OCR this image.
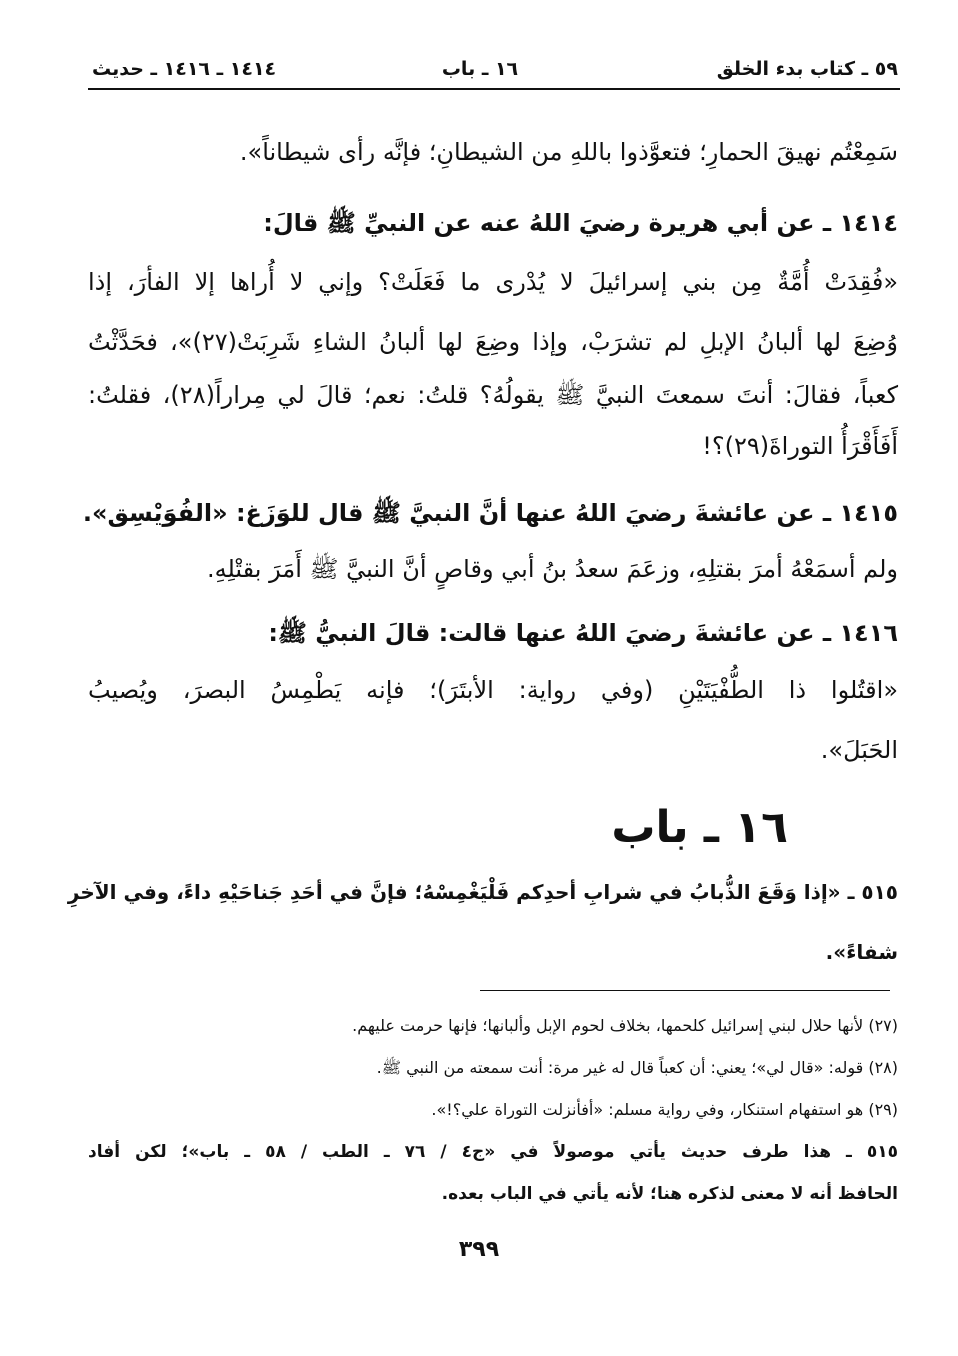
٥٩ ـ كتاب بدء الخلق
١٦ ـ باب
١٤١٤ ـ ١٤١٦ ـ حديث
سَمِعْتُم نهيقَ الحمارِ؛ فتعوَّذوا باللهِ من الشيطانِ؛ فإنَّه رأى شيطاناً».
١٤١٤ ـ عن أبي هريرة رضيَ اللهُ عنه عن النبيِّ ﷺ قالَ:
«فُقِدَتْ أُمَّةٌ مِن بني إسرائيلَ لا يُدْرى ما فَعَلَتْ؟ وإني لا أُراها إلا الفأرَ، إذا
وُضِعَ لها ألبانُ الإبلِ لم تشرَبْ، وإذا وضِعَ لها ألبانُ الشاءِ شَرِبَتْ(٢٧)»، فحَدَّثْتُ
كعباً، فقالَ: أنتَ سمعتَ النبيَّ ﷺ يقولُهُ؟ قلتُ: نعم؛ قالَ لي مِراراً(٢٨)، فقلتُ:
أَفَأَقْرَأُ التوراةَ(٢٩)؟!
١٤١٥ ـ عن عائشةَ رضيَ اللهُ عنها أنَّ النبيَّ ﷺ قال للوَزَغ: «الفُوَيْسِق».
ولم أسمَعْهُ أمرَ بقتلِهِ، وزعَمَ سعدُ بنُ أبي وقاصٍ أنَّ النبيَّ ﷺ أَمَرَ بقتْلِهِ.
١٤١٦ ـ عن عائشةَ رضيَ اللهُ عنها قالت: قالَ النبيُّ ﷺ:
«اقتُلوا ذا الطُّفْيَتَيْنِ (وفي رواية: الأبتَرَ)؛ فإنه يَطْمِسُ البصرَ، ويُصيبُ
الحَبَلَ».
١٦ ـ باب
٥١٥ ـ «إذا وَقَعَ الذُّبابُ في شرابِ أحدِكم فَلْيَغْمِسْهُ؛ فإنَّ في أحَدِ جَناحَيْهِ داءً، وفي الآخرِ
شفاءً».
(٢٧) لأنها حلال لبني إسرائيل كلحمها، بخلاف لحوم الإبل وألبانها؛ فإنها حرمت عليهم.
(٢٨) قوله: «قال لي»؛ يعني: أن كعباً قال له غير مرة: أنت سمعته من النبي ﷺ.
(٢٩) هو استفهام استنكار، وفي رواية مسلم: «أفأنزلت التوراة علي؟!».
٥١٥ ـ هذا طرف حديث يأتي موصولاً في «ج٤ / ٧٦ ـ الطب / ٥٨ ـ باب»؛ لكن أفاد
الحافظ أنه لا معنى لذكره هنا؛ لأنه يأتي في الباب بعده.
٣٩٩
